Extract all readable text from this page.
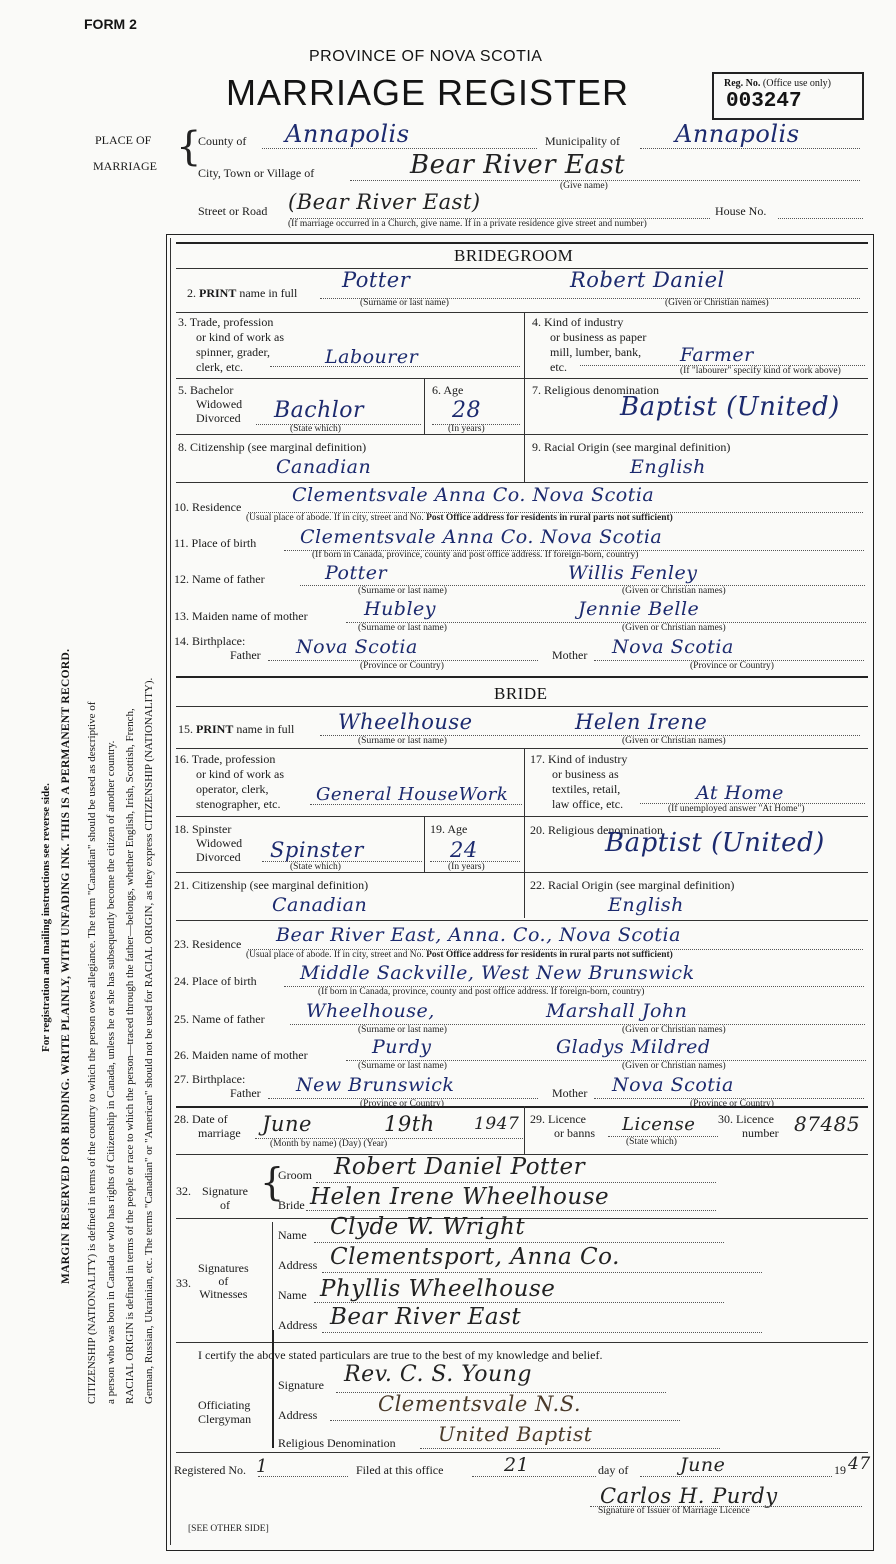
FORM 2
PROVINCE OF NOVA SCOTIA
MARRIAGE REGISTER	Reg. No. (Office use only)
003247
For registration and mailing instructions see reverse side. MARGIN RESERVED FOR BINDING. WRITE PLAINLY, WITH UNFADING INK. THIS IS A PERMANENT RECORD. CITIZENSHIP (NATIONALITY) is defined in terms of the country to which the person owes allegiance. The term "Canadian" should be used as descriptive of a person who was born in Canada or who has rights of Citizenship in Canada, unless he or she has subsequently become the citizen of another country. RACIAL ORIGIN is defined in terms of the people or race to which the person—traced through the father—belongs, whether English, Irish, Scottish, French, German, Russian, Ukrainian, etc. The terms "Canadian" or "American" should not be used for RACIAL ORIGIN, as they express CITIZENSHIP (NATIONALITY).
PLACE OF
MARRIAGE {
County of Annapolis	Municipality of Annapolis
City, Town or Village of	Bear River East
(Give name)
Street or Road (Bear River East)	House No.
(If marriage occurred in a Church, give name. If in a private residence give street and number)
BRIDEGROOM
2. PRINT name in full
Potter	Robert Daniel
(Surname or last name)	(Given or Christian names)
3. Trade, profession
or kind of work as
spinner, grader,
clerk, etc.	Labourer
4. Kind of industry
or business as paper
mill, lumber, bank,
etc.
Farmer
(If "labourer" specify kind of work above)
5. Bachelor
Widowed
Divorced Bachlor
(State which)
6. Age
28
(In years)
7. Religious denomination
Baptist (United)
8. Citizenship (see marginal definition)
Canadian
9. Racial Origin (see marginal definition)
English
10. Residence
Clementsvale Anna Co. Nova Scotia
(Usual place of abode. If in city, street and No. Post Office address for residents in rural parts not sufficient)
11. Place of birth Clementsvale Anna Co. Nova Scotia
(If born in Canada, province, county and post office address. If foreign-born, country)
12. Name of father	Potter	Willis Fenley
(Surname or last name)	(Given or Christian names)
13. Maiden name of mother	Hubley	Jennie Belle
(Surname or last name)	(Given or Christian names)
14. Birthplace:
Father Nova Scotia
(Province or Country)
Mother Nova Scotia
(Province or Country)
BRIDE
15. PRINT name in full Wheelhouse	Helen Irene
(Surname or last name)	(Given or Christian names)
16. Trade, profession
or kind of work as
operator, clerk,
stenographer, etc. General HouseWork
17. Kind of industry
or business as
textiles, retail,
law office, etc.	At Home
(If unemployed answer "At Home")
18. Spinster
Widowed
Divorced Spinster
(State which)
19. Age
24
(In years)
20. Religious denomination
Baptist (United)
21. Citizenship (see marginal definition)
Canadian
22. Racial Origin (see marginal definition)
English
23. Residence Bear River East, Anna. Co., Nova Scotia
(Usual place of abode. If in city, street and No. Post Office address for residents in rural parts not sufficient)
24. Place of birth Middle Sackville, West New Brunswick
(If born in Canada, province, county and post office address. If foreign-born, country)
25. Name of father Wheelhouse,	Marshall John
(Surname or last name)	(Given or Christian names)
26. Maiden name of mother	Purdy	Gladys Mildred
(Surname or last name)	(Given or Christian names)
27. Birthplace:
Father New Brunswick
(Province or Country)
Mother Nova Scotia
(Province or Country)
28. Date of
marriage June	19th 1947
(Month by name) (Day) (Year)
29. Licence
or banns License
(State which)
30. Licence
number 87485
32. Signature
of
{
Groom Robert Daniel Potter
Bride Helen Irene Wheelhouse
33.
Signatures
of
Witnesses
Name Clyde W. Wright
Address Clementsport, Anna Co.
Name Phyllis Wheelhouse
Address Bear River East
I certify the above stated particulars are true to the best of my knowledge and belief.
Officiating
Clergyman
Signature Rev. C. S. Young
Address	Clementsvale N.S.
Religious Denomination United Baptist
Registered No. 1	Filed at this office	21	day of	June	19 47
Carlos H. Purdy
Signature of Issuer of Marriage Licence
[SEE OTHER SIDE]
